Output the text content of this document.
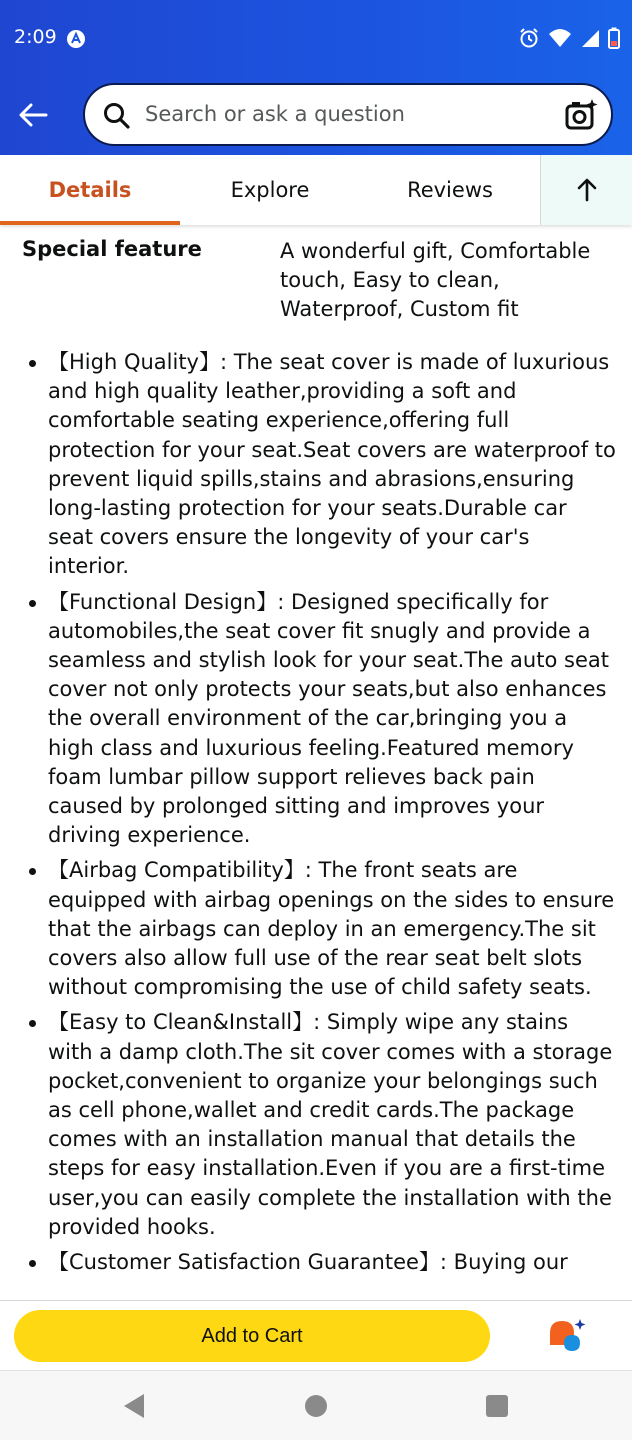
2:09
Search or ask a question
Details	Explore	Reviews
Special feature	A wonderful gift, Comfortable touch, Easy to clean, Waterproof, Custom fit
【High Quality】: The seat cover is made of luxurious and high quality leather,providing a soft and comfortable seating experience,offering full protection for your seat.Seat covers are waterproof to prevent liquid spills,stains and abrasions,ensuring long-lasting protection for your seats.Durable car seat covers ensure the longevity of your car's interior.
【Functional Design】: Designed specifically for automobiles,the seat cover fit snugly and provide a seamless and stylish look for your seat.The auto seat cover not only protects your seats,but also enhances the overall environment of the car,bringing you a high class and luxurious feeling.Featured memory foam lumbar pillow support relieves back pain caused by prolonged sitting and improves your driving experience.
【Airbag Compatibility】: The front seats are equipped with airbag openings on the sides to ensure that the airbags can deploy in an emergency.The sit covers also allow full use of the rear seat belt slots without compromising the use of child safety seats.
【Easy to Clean&Install】: Simply wipe any stains with a damp cloth.The sit cover comes with a storage pocket,convenient to organize your belongings such as cell phone,wallet and credit cards.The package comes with an installation manual that details the steps for easy installation.Even if you are a first-time user,you can easily complete the installation with the provided hooks.
【Customer Satisfaction Guarantee】: Buying our
Add to Cart
